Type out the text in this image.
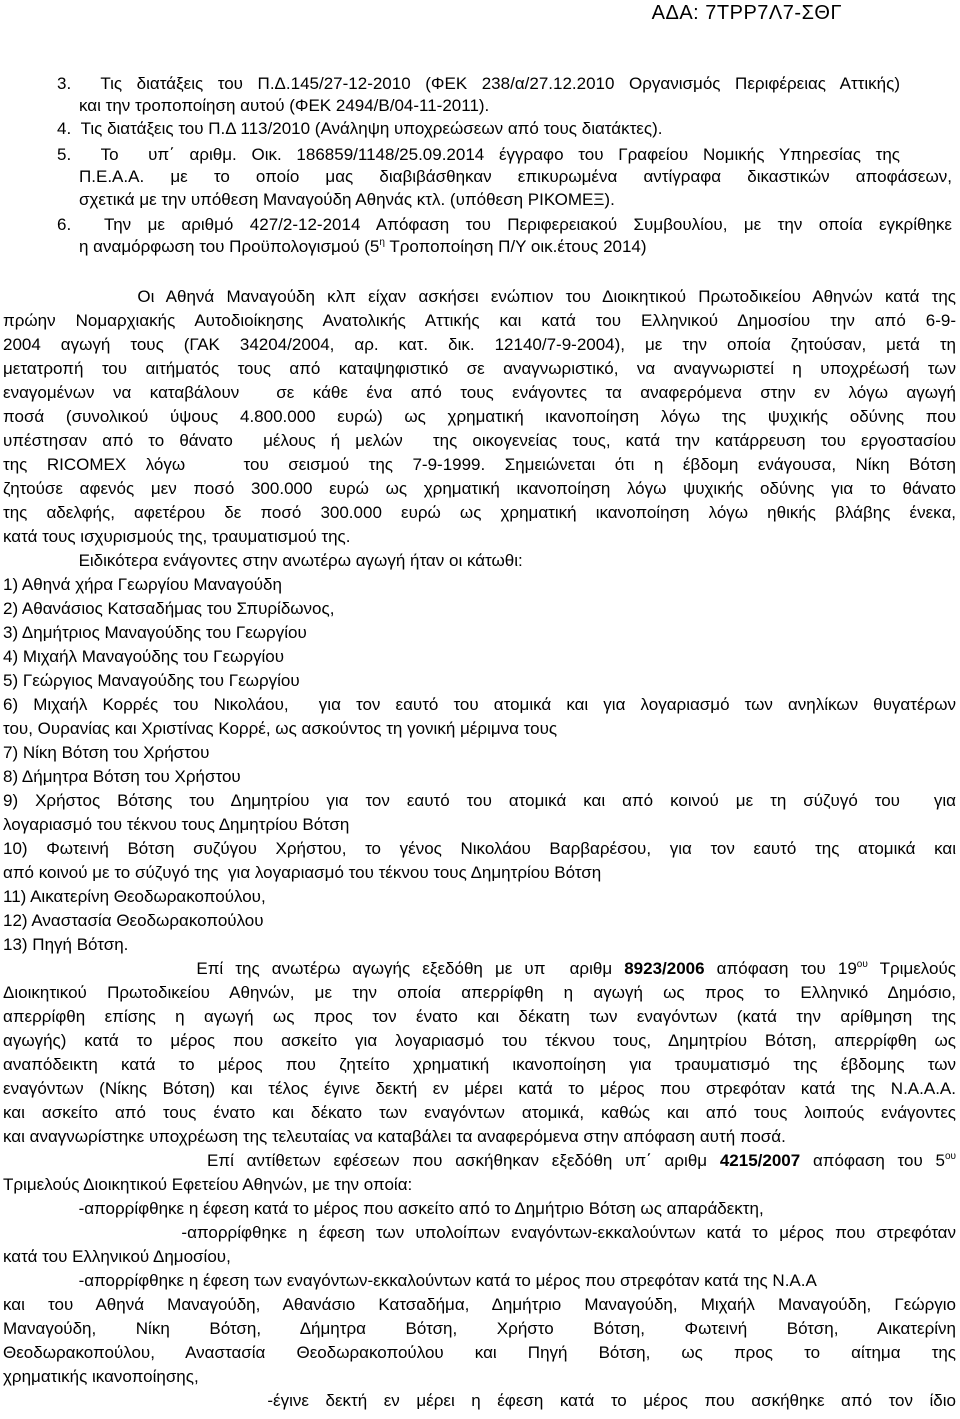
ΑΔΑ: 7ΤΡΡ7Λ7-ΣΘΓ
3.  Τις διατάξεις του Π.Δ.145/27-12-2010 (ΦΕΚ 238/α/27.12.2010 Οργανισμός Περιφέρειας Αττικής)
και την τροποποίηση αυτού (ΦΕΚ 2494/Β/04-11-2011).
4.  Τις διατάξεις του Π.Δ 113/2010 (Ανάληψη υποχρεώσεων από τους διατάκτες).
5.  Το  υπ΄ αριθμ. Οικ. 186859/1148/25.09.2014 έγγραφο του Γραφείου Νομικής Υπηρεσίας της
Π.Ε.Α.Α. με το οποίο μας διαβιβάσθηκαν επικυρωμένα αντίγραφα δικαστικών αποφάσεων,
σχετικά με την υπόθεση Μαναγούδη Αθηνάς κτλ. (υπόθεση ΡΙΚΟΜΕΞ).
6.  Την με αριθμό 427/2-12-2014 Απόφαση του Περιφερειακού Συμβουλίου, με την οποία εγκρίθηκε
η αναμόρφωση του Προϋπολογισμού ($5^\eta$ Τροποποίηση Π/Υ οικ.έτους 2014)
Οι Αθηνά Μαναγούδη κλπ είχαν ασκήσει ενώπιον του Διοικητικού Πρωτοδικείου Αθηνών κατά της
πρώην Νομαρχιακής Αυτοδιοίκησης Ανατολικής Αττικής και κατά του Ελληνικού Δημοσίου την από 6-9-
2004 αγωγή τους (ΓΑΚ 34204/2004, αρ. κατ. δικ. 12140/7-9-2004), με την οποία ζητούσαν, μετά τη
μετατροπή του αιτήματός τους από καταψηφιστικό σε αναγνωριστικό, να αναγνωριστεί η υποχρέωσή των
εναγομένων να καταβάλουν  σε κάθε ένα από τους ενάγοντες τα αναφερόμενα στην εν λόγω αγωγή
ποσά (συνολικού ύψους 4.800.000 ευρώ) ως χρηματική ικανοποίηση λόγω της ψυχικής οδύνης που
υπέστησαν από το θάνατο  μέλους ή μελών  της οικογενείας τους, κατά την κατάρρευση του εργοστασίου
της RICOMEX λόγω   του σεισμού της 7-9-1999. Σημειώνεται ότι η έβδομη ενάγουσα, Νίκη Βότση
ζητούσε αφενός μεν ποσό 300.000 ευρώ ως χρηματική ικανοποίηση λόγω ψυχικής οδύνης για το θάνατο
της αδελφής, αφετέρου δε ποσό 300.000 ευρώ ως χρηματική ικανοποίηση λόγω ηθικής βλάβης ένεκα,
κατά τους ισχυρισμούς της, τραυματισμού της.
Ειδικότερα ενάγοντες στην ανωτέρω αγωγή ήταν οι κάτωθι:
1) Αθηνά χήρα Γεωργίου Μαναγούδη
2) Αθανάσιος Κατσαδήμας του Σπυρίδωνος,
3) Δημήτριος Μαναγούδης του Γεωργίου
4) Μιχαήλ Μαναγούδης του Γεωργίου
5) Γεώργιος Μαναγούδης του Γεωργίου
6) Μιχαήλ Κορρές του Νικολάου,  για τον εαυτό του ατομικά και για λογαριασμό των ανηλίκων θυγατέρων
του, Ουρανίας και Χριστίνας Κορρέ, ως ασκούντος τη γονική μέριμνα τους
7) Νίκη Βότση του Χρήστου
8) Δήμητρα Βότση του Χρήστου
9) Χρήστος Βότσης του Δημητρίου για τον εαυτό του ατομικά και από κοινού με τη σύζυγό του  για
λογαριασμό του τέκνου τους Δημητρίου Βότση
10) Φωτεινή Βότση συζύγου Χρήστου, το γένος Νικολάου Βαρβαρέσου, για τον εαυτό της ατομικά και
από κοινού με το σύζυγό της  για λογαριασμό του τέκνου τους Δημητρίου Βότση
11) Αικατερίνη Θεοδωρακοπούλου,
12) Αναστασία Θεοδωρακοπούλου
13) Πηγή Βότση.
Επί της ανωτέρω αγωγής εξεδόθη με υπ  αριθμ 8923/2006 απόφαση του $19^{o\upsilon}$ Τριμελούς
Διοικητικού Πρωτοδικείου Αθηνών, με την οποία απερρίφθη η αγωγή ως προς το Ελληνικό Δημόσιο,
απερρίφθη επίσης η αγωγή ως προς τον ένατο και δέκατη των εναγόντων (κατά την αρίθμηση της
αγωγής) κατά το μέρος που ασκείτο για λογαριασμό του τέκνου τους, Δημητρίου Βότση, απερρίφθη ως
αναπόδεικτη κατά το μέρος που ζητείτο χρηματική ικανοποίηση για τραυματισμό της έβδομης των
εναγόντων (Νίκης Βότση) και τέλος έγινε δεκτή εν μέρει κατά το μέρος που στρεφόταν κατά της Ν.Α.Α.Α.
και ασκείτο από τους ένατο και δέκατο των εναγόντων ατομικά, καθώς και από τους λοιπούς ενάγοντες
και αναγνωρίστηκε υποχρέωση της τελευταίας να καταβάλει τα αναφερόμενα στην απόφαση αυτή ποσά.
Επί αντίθετων εφέσεων που ασκήθηκαν εξεδόθη υπ΄ αριθμ 4215/2007 απόφαση του $5^{o\upsilon}$
Τριμελούς Διοικητικού Εφετείου Αθηνών, με την οποία:
-απορρίφθηκε η έφεση κατά το μέρος που ασκείτο από το Δημήτριο Βότση ως απαράδεκτη,
-απορρίφθηκε η έφεση των υπολοίπων εναγόντων-εκκαλούντων κατά το μέρος που στρεφόταν
κατά του Ελληνικού Δημοσίου,
-απορρίφθηκε η έφεση των εναγόντων-εκκαλούντων κατά το μέρος που στρεφόταν κατά της Ν.Α.Α
και του Αθηνά Μαναγούδη, Αθανάσιο Κατσαδήμα, Δημήτριο Μαναγούδη, Μιχαήλ Μαναγούδη, Γεώργιο
Μαναγούδη, Νίκη Βότση, Δήμητρα Βότση, Χρήστο Βότση, Φωτεινή Βότση, Αικατερίνη
Θεοδωρακοπούλου, Αναστασία Θεοδωρακοπούλου και Πηγή Βότση, ως προς το αίτημα της
χρηματικής ικανοποίησης,
-έγινε δεκτή εν μέρει η έφεση κατά το μέρος που ασκήθηκε από τον ίδιο
